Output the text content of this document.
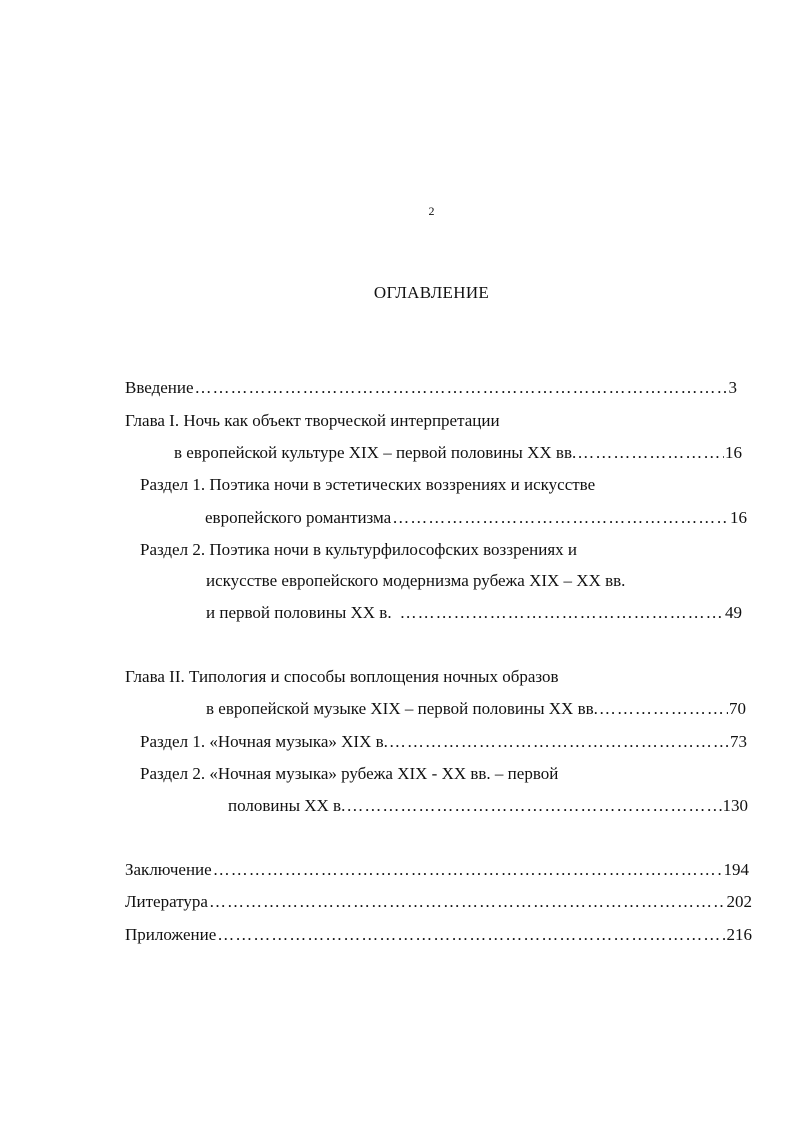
2
ОГЛАВЛЕНИЕ
Введение ………………………………………………………………………………………………………………………………………………………………………………	3
Глава I. Ночь как объект творческой интерпретации
в европейской культуре XIX – первой половины XX вв. ………………………………………………………………………………………………………………………………………………………………………………	16
Раздел 1. Поэтика ночи в эстетических воззрениях и искусстве
европейского романтизма ………………………………………………………………………………………………………………………………………………………………………………	16
Раздел 2. Поэтика ночи в культурфилософских воззрениях и
искусстве европейского модернизма рубежа XIX – XX вв.
и первой половины XX в. ………………………………………………………………………………………………………………………………………………………………………………	49
Глава II. Типология и способы воплощения ночных образов
в европейской музыке XIX – первой половины XX вв. ………………………………………………………………………………………………………………………………………………………………………………	70
Раздел 1. «Ночная музыка» XIX в. ………………………………………………………………………………………………………………………………………………………………………………	73
Раздел 2. «Ночная музыка» рубежа XIX - XX вв. – первой
половины XX в. ………………………………………………………………………………………………………………………………………………………………………………	130
Заключение ………………………………………………………………………………………………………………………………………………………………………………	194
Литература ………………………………………………………………………………………………………………………………………………………………………………	202
Приложение ………………………………………………………………………………………………………………………………………………………………………………	216
